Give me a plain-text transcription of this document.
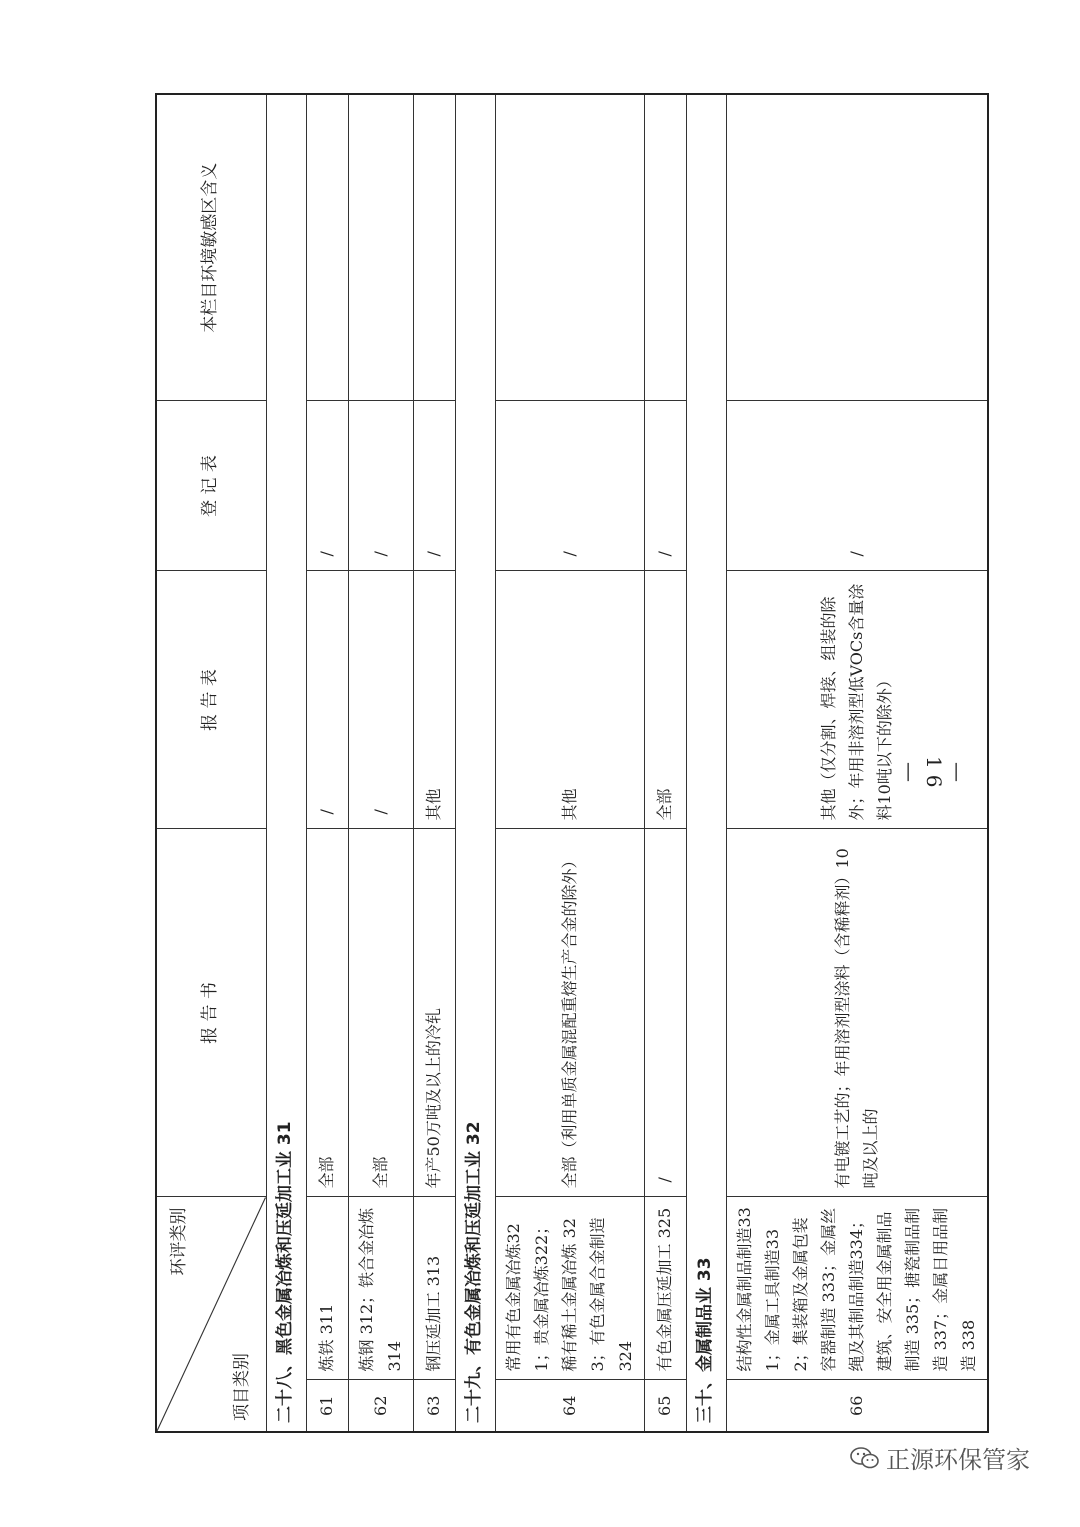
环评类别
项目类别		报 告 书	报 告 表	登 记 表	本栏目环境敏感区含义
二十八、黑色金属冶炼和压延加工业 31					
61	炼铁 311	全部	/	/	
62	炼钢 312；铁合金冶炼 314	全部	/	/	
63	钢压延加工 313	年产50万吨及以上的冷轧	其他	/	
二十九、有色金属冶炼和压延加工业 32					
64	常用有色金属冶炼321；贵金属冶炼322；稀有稀土金属冶炼 323；有色金属合金制造 324	全部（利用单质金属混配重熔生产合金的除外）	其他	/	
65	有色金属压延加工 325	/	全部	/	
三十、金属制品业 33					
66	结构性金属制品制造331；金属工具制造332；集装箱及金属包装容器制造 333；金属丝绳及其制品制造334；建筑、安全用金属制品制造 335；搪瓷制品制造 337；金属日用品制造 338	有电镀工艺的；年用溶剂型涂料（含稀释剂）10吨及以上的	其他（仅分割、焊接、组装的除外；年用非溶剂型低VOCs含量涂料10吨以下的除外）	/	
— 16 —
正源环保管家
